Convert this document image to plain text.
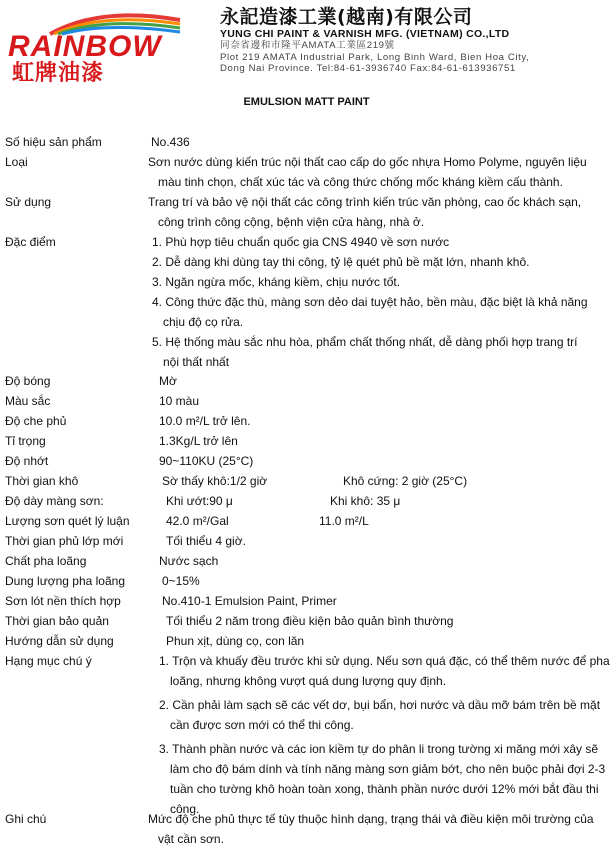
RAINBOW
虹牌油漆
永記造漆工業(越南)有限公司
YUNG CHI PAINT & VARNISH MFG. (VIETNAM) CO.,LTD
同奈省邊和市隆平AMATA工業區219號
Plot 219 AMATA Industrial Park, Long Binh Ward, Bien Hoa City,
Dong Nai Province. Tel:84-61-3936740 Fax:84-61-613936751
EMULSION MATT PAINT
Số hiệu sản phẩm	No.436
Loại	Sơn nước dùng kiến trúc nội thất cao cấp do gốc nhựa Homo Polyme, nguyên liệu
màu tinh chọn, chất xúc tác và công thức chống mốc kháng kiềm cấu thành.
Sử dụng	Trang trí và bảo vệ nội thất các công trình kiến trúc văn phòng, cao ốc khách sạn,
công trình công cộng, bệnh viện cửa hàng, nhà ở.
Đặc điểm	1. Phù hợp tiêu chuẩn quốc gia CNS 4940 về sơn nước
2. Dễ dàng khi dùng tay thi công, tỷ lệ quét phủ bề mặt lớn, nhanh khô.
3. Ngăn ngừa mốc, kháng kiềm, chịu nước tốt.
4. Công thức đặc thù, màng sơn dẻo dai tuyệt hảo, bền màu, đặc biệt là khả năng
chịu độ cọ rửa.
5. Hệ thống màu sắc nhu hòa, phẩm chất thống nhất, dễ dàng phối hợp trang trí
nội thất nhất
Độ bóng	Mờ
Màu sắc	10 màu
Độ che phủ	10.0 m²/L trở lên.
Tỉ trọng	1.3Kg/L trở lên
Độ nhớt	90~110KU (25°C)
Thời gian khô	Sờ thấy khô:1/2 giờ	Khô cứng: 2 giờ (25°C)
Độ dày màng sơn:	Khi ướt:90 μ	Khi khô: 35 μ
Lượng sơn quét lý luận	42.0 m²/Gal	11.0 m²/L
Thời gian phủ lớp mới	Tối thiểu 4 giờ.
Chất pha loãng	Nước sạch
Dung lượng pha loãng	0~15%
Sơn lót nền thích hợp	No.410-1 Emulsion Paint, Primer
Thời gian bảo quản	Tối thiểu 2 năm trong điều kiện bảo quản bình thường
Hướng dẫn sử dụng	Phun xịt, dùng cọ, con lăn
Hạng mục chú ý	1. Trộn và khuấy đều trước khi sử dụng. Nếu sơn quá đặc, có thể thêm nước để pha
loãng, nhưng không vượt quá dung lượng quy định.
2. Cần phải làm sạch sẽ các vết dơ, bụi bẩn, hơi nước và dầu mỡ bám trên bề mặt
cần được sơn mới có thể thi công.
3. Thành phần nước và các ion kiềm tự do phân li trong tường xi măng mới xây sẽ
làm cho độ bám dính và tính năng màng sơn giảm bớt, cho nên buộc phải đợi 2-3
tuần cho tường khô hoàn toàn xong, thành phần nước dưới 12% mới bắt đầu thi
công.
Ghi chú	Mức độ che phủ thực tế tùy thuộc hình dạng, trạng thái và điều kiện môi trường của
vật cần sơn.
